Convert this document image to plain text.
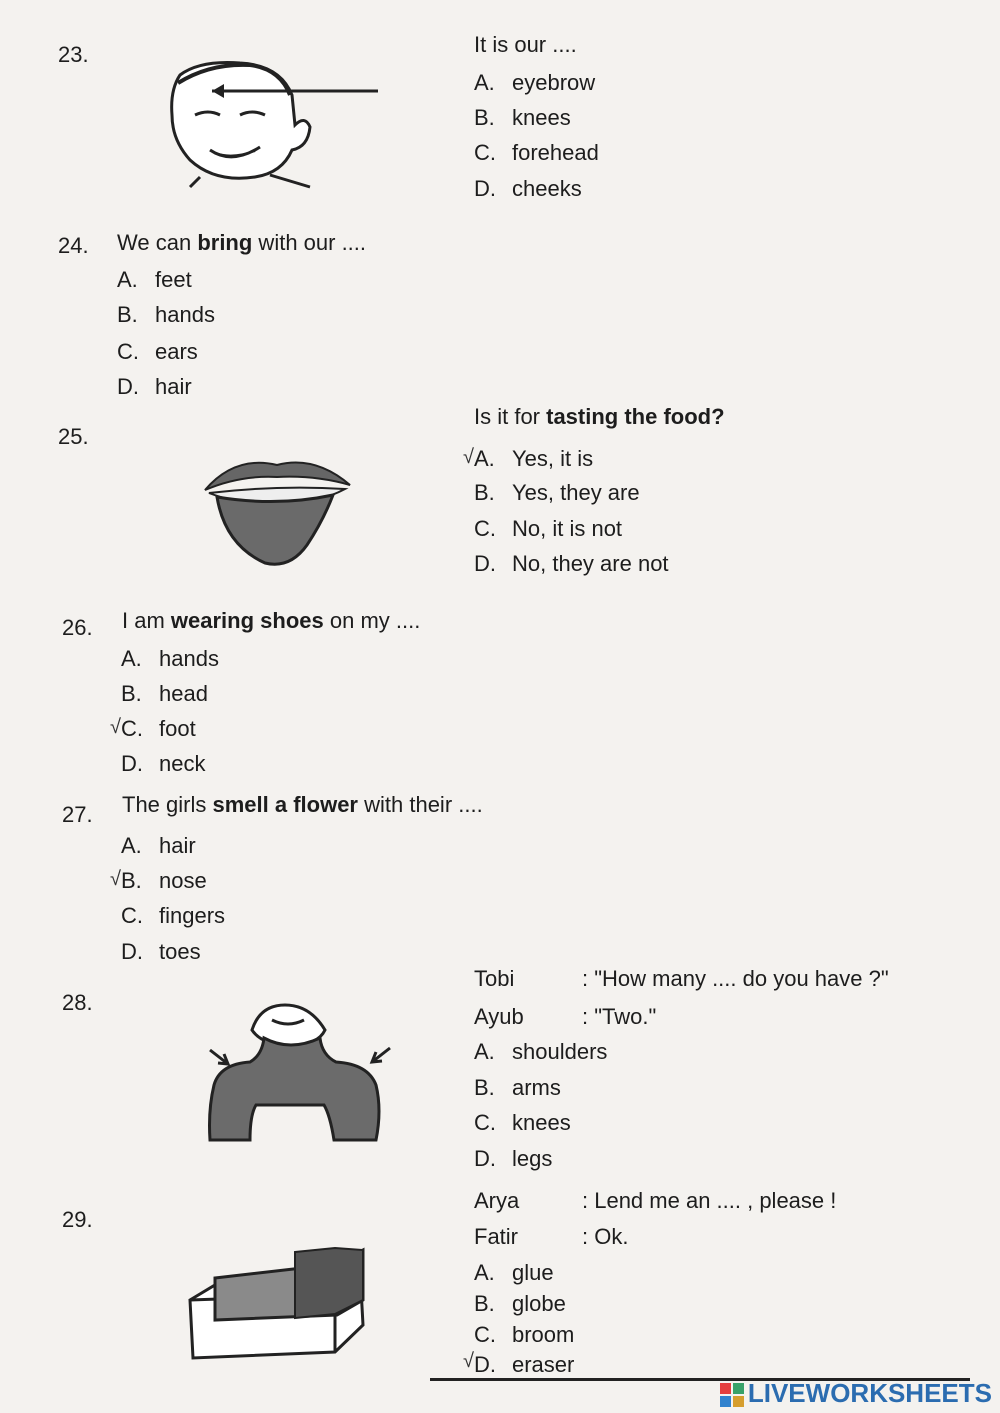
23.	It is our ....
A. eyebrow
B. knees
C. forehead
D. cheeks
24. We can bring with our ....
A. feet
B. hands
C. ears
D. hair
25.
Is it for tasting the food?
√ A. Yes, it is
B. Yes, they are
C. No, it is not
D. No, they are not
26. I am wearing shoes on my ....
A. hands
B. head
√ C. foot
D. neck
27. The girls smell a flower with their ....
A. hair
√ B. nose
C. fingers
D. toes
28.
Tobi	: "How many .... do you have ?"
Ayub	: "Two."
A. shoulders
B. arms
C. knees
D. legs
29.
Arya	: Lend me an .... , please !
Fatir	: Ok.
A. glue
B. globe
C. broom
√ D. eraser
LIVEWORKSHEETS
